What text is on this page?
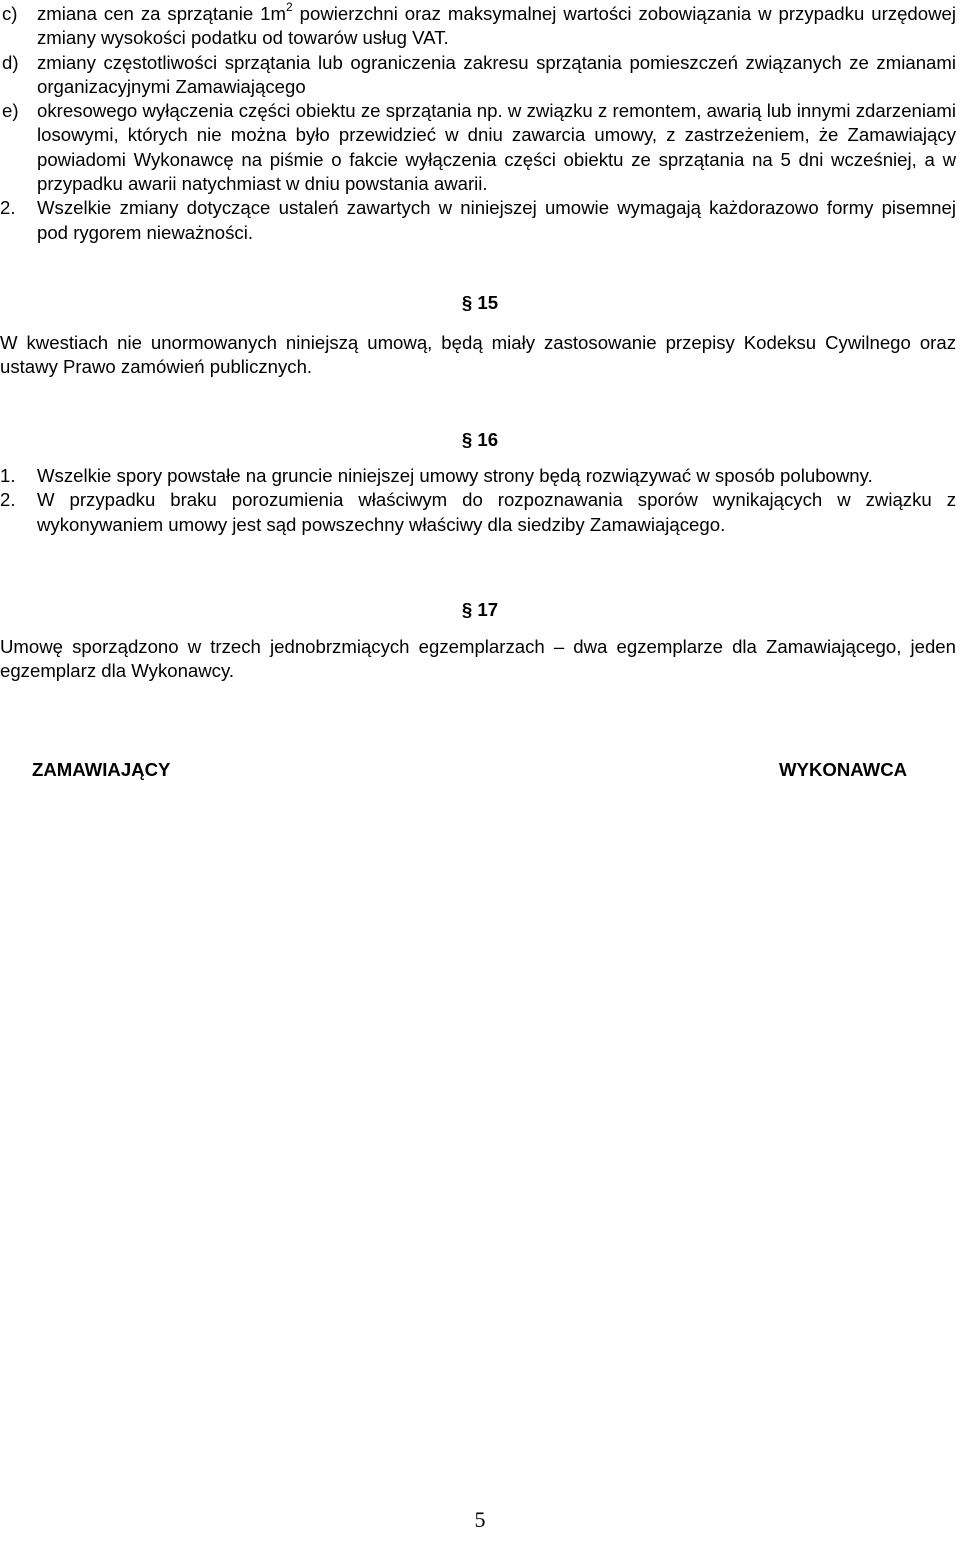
c) zmiana cen za sprzątanie $1m^2$ powierzchni oraz maksymalnej wartości zobowiązania w przypadku urzędowej zmiany wysokości podatku od towarów usług VAT.
d) zmiany częstotliwości sprzątania lub ograniczenia zakresu sprzątania pomieszczeń związanych ze zmianami organizacyjnymi Zamawiającego
e) okresowego wyłączenia części obiektu ze sprzątania np. w związku z remontem, awarią lub innymi zdarzeniami losowymi, których nie można było przewidzieć w dniu zawarcia umowy, z zastrzeżeniem, że Zamawiający powiadomi Wykonawcę na piśmie o fakcie wyłączenia części obiektu ze sprzątania na 5 dni wcześniej, a w przypadku awarii natychmiast w dniu powstania awarii.
2. Wszelkie zmiany dotyczące ustaleń zawartych w niniejszej umowie wymagają każdorazowo formy pisemnej pod rygorem nieważności.
§ 15
W kwestiach nie unormowanych niniejszą umową, będą miały zastosowanie przepisy Kodeksu Cywilnego oraz ustawy Prawo zamówień publicznych.
§ 16
1. Wszelkie spory powstałe na gruncie niniejszej umowy strony będą rozwiązywać w sposób polubowny.
2. W przypadku braku porozumienia właściwym do rozpoznawania sporów wynikających w związku z wykonywaniem umowy jest sąd powszechny właściwy dla siedziby Zamawiającego.
§ 17
Umowę sporządzono w trzech jednobrzmiących egzemplarzach – dwa egzemplarze dla Zamawiającego, jeden egzemplarz dla Wykonawcy.
ZAMAWIAJĄCY	WYKONAWCA
5
